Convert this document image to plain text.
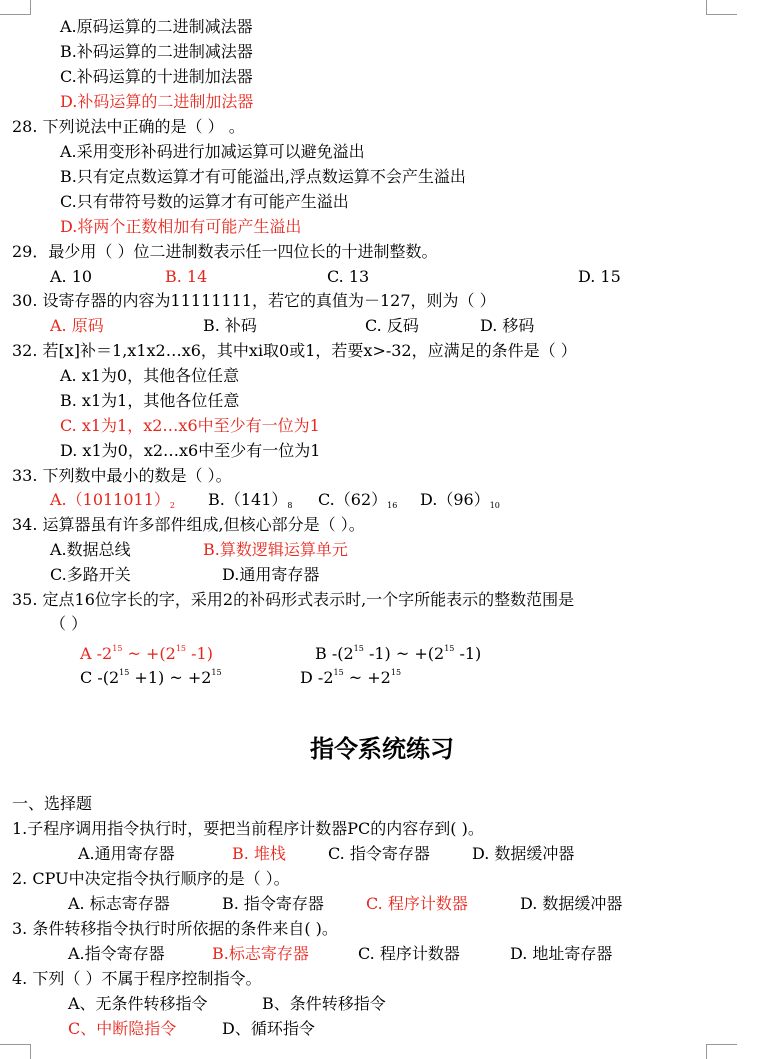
A.原码运算的二进制减法器
B.补码运算的二进制减法器
C.补码运算的十进制加法器
D.补码运算的二进制加法器
28. 下列说法中正确的是（ ） 。
A.采用变形补码进行加减运算可以避免溢出
B.只有定点数运算才有可能溢出,浮点数运算不会产生溢出
C.只有带符号数的运算才有可能产生溢出
D.将两个正数相加有可能产生溢出
29．最少用（ ）位二进制数表示任一四位长的十进制整数。
A. 10	B. 14	C. 13	D. 15
30. 设寄存器的内容为11111111，若它的真值为－127，则为（ ）
A. 原码	B. 补码	C. 反码	D. 移码
32. 若[x]补＝1,x1x2…x6，其中xi取0或1，若要x>-32，应满足的条件是（ ）
A. x1为0，其他各位任意
B. x1为1，其他各位任意
C. x1为1，x2…x6中至少有一位为1
D. x1为0，x2…x6中至少有一位为1
33. 下列数中最小的数是（ ）。
$A.(1011011)_2$ $B.(141)_8$ $C.(62)_{16}$ $D.(96)_{10}$
34. 运算器虽有许多部件组成,但核心部分是（ ）。
A.数据总线	B.算数逻辑运算单元
C.多路开关	D.通用寄存器
35. 定点16位字长的字，采用2的补码形式表示时,一个字所能表示的整数范围是
（ ）
A $-2^{15}$ ~ $+(2^{15}$ -1)	B $-(2^{15}$ -1) ~ $+(2^{15}$ -1)
C $-(2^{15} +1)$ ~ $+2^{15}$	D $-2^{15}$ ~ $+2^{15}$
指令系统练习
一、选择题
1.子程序调用指令执行时，要把当前程序计数器PC的内容存到( )。
A.通用寄存器	B. 堆栈	C. 指令寄存器	D. 数据缓冲器
2. CPU中决定指令执行顺序的是（ ）。
A. 标志寄存器	B. 指令寄存器	C. 程序计数器	D. 数据缓冲器
3. 条件转移指令执行时所依据的条件来自( )。
A.指令寄存器	B.标志寄存器	C. 程序计数器	D. 地址寄存器
4. 下列（ ）不属于程序控制指令。
A、无条件转移指令	B、条件转移指令
C、中断隐指令	D、循环指令
